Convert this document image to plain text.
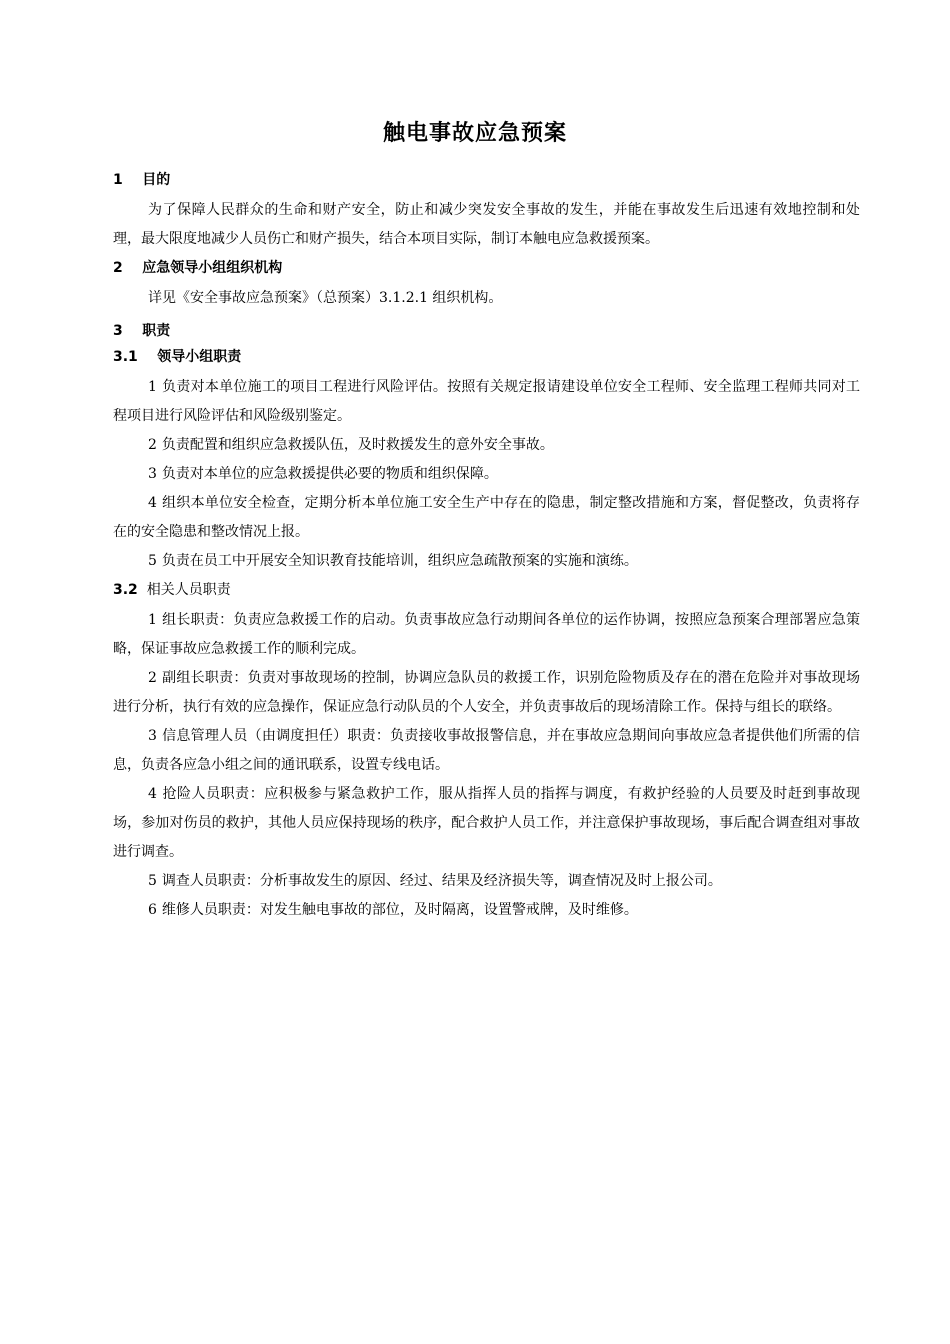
触电事故应急预案
1    目的

为了保障人民群众的生命和财产安全，防止和减少突发安全事故的发生，并能在事故发生后迅速有效地控制和处理，最大限度地减少人员伤亡和财产损失，结合本项目实际，制订本触电应急救援预案。

2    应急领导小组组织机构

详见《安全事故应急预案》（总预案）3.1.2.1 组织机构。

3    职责
3.1    领导小组职责

1 负责对本单位施工的项目工程进行风险评估。按照有关规定报请建设单位安全工程师、安全监理工程师共同对工程项目进行风险评估和风险级别鉴定。

2 负责配置和组织应急救援队伍，及时救援发生的意外安全事故。

3 负责对本单位的应急救援提供必要的物质和组织保障。

4 组织本单位安全检查，定期分析本单位施工安全生产中存在的隐患，制定整改措施和方案，督促整改，负责将存在的安全隐患和整改情况上报。

5 负责在员工中开展安全知识教育技能培训，组织应急疏散预案的实施和演练。

3.2 相关人员职责

1 组长职责：负责应急救援工作的启动。负责事故应急行动期间各单位的运作协调，按照应急预案合理部署应急策略，保证事故应急救援工作的顺利完成。

2 副组长职责：负责对事故现场的控制，协调应急队员的救援工作，识别危险物质及存在的潜在危险并对事故现场进行分析，执行有效的应急操作，保证应急行动队员的个人安全，并负责事故后的现场清除工作。保持与组长的联络。

3 信息管理人员（由调度担任）职责：负责接收事故报警信息，并在事故应急期间向事故应急者提供他们所需的信息，负责各应急小组之间的通讯联系，设置专线电话。

4 抢险人员职责：应积极参与紧急救护工作，服从指挥人员的指挥与调度，有救护经验的人员要及时赶到事故现场，参加对伤员的救护，其他人员应保持现场的秩序，配合救护人员工作，并注意保护事故现场，事后配合调查组对事故进行调查。

5 调查人员职责：分析事故发生的原因、经过、结果及经济损失等，调查情况及时上报公司。

6 维修人员职责：对发生触电事故的部位，及时隔离，设置警戒牌，及时维修。
